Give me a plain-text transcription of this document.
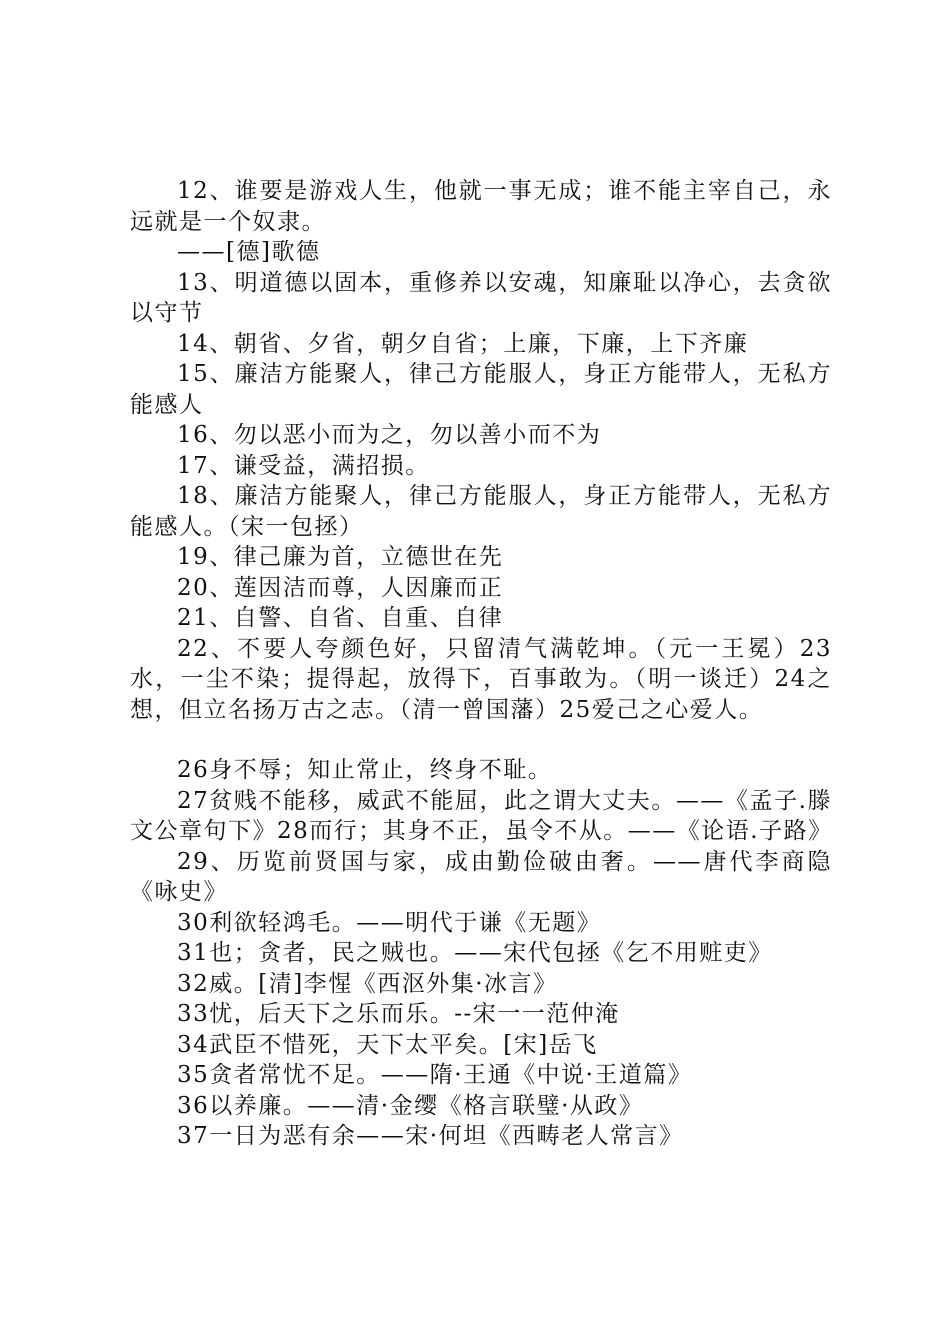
12、谁要是游戏人生，他就一事无成；谁不能主宰自己，永远就是一个奴隶。

——[德]歌德

13、明道德以固本，重修养以安魂，知廉耻以净心，去贪欲以守节

14、朝省、夕省，朝夕自省；上廉，下廉，上下齐廉

15、廉洁方能聚人，律己方能服人，身正方能带人，无私方能感人

16、勿以恶小而为之，勿以善小而不为

17、谦受益，满招损。

18、廉洁方能聚人，律己方能服人，身正方能带人，无私方能感人。（宋一包拯）

19、律己廉为首，立德世在先

20、莲因洁而尊，人因廉而正

21、自警、自省、自重、自律

22、不要人夸颜色好，只留清气满乾坤。（元一王冕）23水，一尘不染；提得起，放得下，百事敢为。（明一谈迁）24之想，但立名扬万古之志。（清一曾国藩）25爱己之心爱人。

26身不辱；知止常止，终身不耻。

27贫贱不能移，威武不能屈，此之谓大丈夫。——《孟子.滕文公章句下》28而行；其身不正，虽令不从。——《论语.子路》

29、历览前贤国与家，成由勤俭破由奢。——唐代李商隐《咏史》

30利欲轻鸿毛。——明代于谦《无题》

31也；贪者，民之贼也。——宋代包拯《乞不用赃吏》

32威。[清]李惺《西沤外集·冰言》

33忧，后天下之乐而乐。--宋一一范仲淹

34武臣不惜死，天下太平矣。[宋]岳飞

35贪者常忧不足。——隋·王通《中说·王道篇》

36以养廉。——清·金缨《格言联璧·从政》

37一日为恶有余——宋·何坦《西畴老人常言》
